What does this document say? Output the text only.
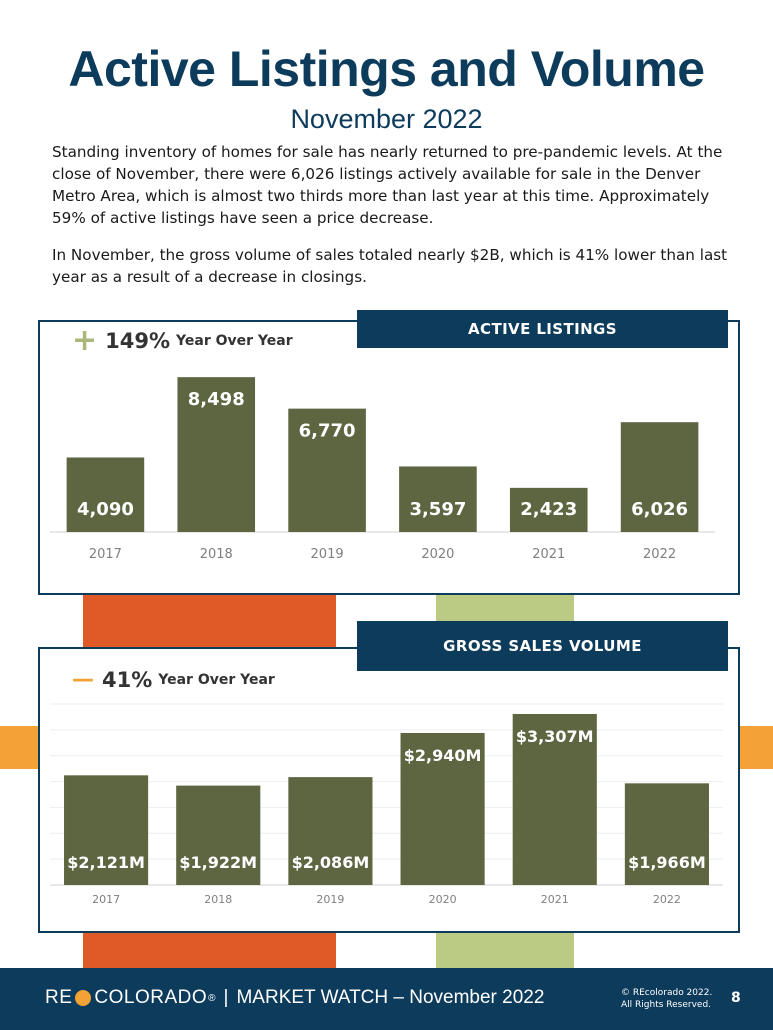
Active Listings and Volume
November 2022
Standing inventory of homes for sale has nearly returned to pre-pandemic levels. At the close of November, there were 6,026 listings actively available for sale in the Denver Metro Area, which is almost two thirds more than last year at this time. Approximately 59% of active listings have seen a price decrease.
In November, the gross volume of sales totaled nearly $2B, which is 41% lower than last year as a result of a decrease in closings.
ACTIVE LISTINGS
+ 149% Year Over Year
4,090
2017
8,498
2018
6,770
2019
3,597
2020
2,423
2021
6,026
2022
GROSS SALES VOLUME
— 41% Year Over Year
$2,121M
2017
$1,922M
2018
$2,086M
2019
$2,940M
2020
$3,307M
2021
$1,966M
2022
RE COLORADO ® | MARKET WATCH – November 2022	© REcolorado 2022.
All Rights Reserved. 8
